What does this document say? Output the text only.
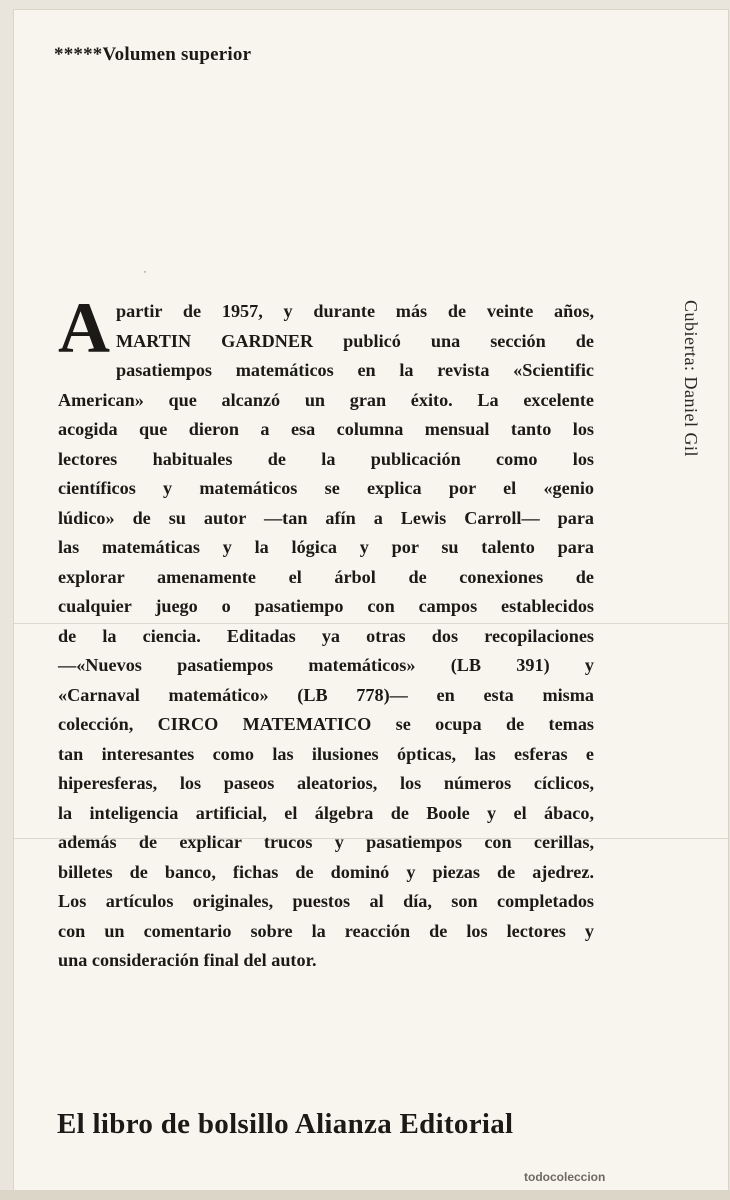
*****Volumen superior
˙
A partir de 1957, y durante más de veinte años,
MARTIN GARDNER publicó una sección de
pasatiempos matemáticos en la revista «Scientific
American» que alcanzó un gran éxito. La excelente
acogida que dieron a esa columna mensual tanto los
lectores habituales de la publicación como los
científicos y matemáticos se explica por el «genio
lúdico» de su autor —tan afín a Lewis Carroll— para
las matemáticas y la lógica y por su talento para
explorar amenamente el árbol de conexiones de
cualquier juego o pasatiempo con campos establecidos
de la ciencia. Editadas ya otras dos recopilaciones
—«Nuevos pasatiempos matemáticos» (LB 391) y
«Carnaval matemático» (LB 778)— en esta misma
colección, CIRCO MATEMATICO se ocupa de temas
tan interesantes como las ilusiones ópticas, las esferas e
hiperesferas, los paseos aleatorios, los números cíclicos,
la inteligencia artificial, el álgebra de Boole y el ábaco,
además de explicar trucos y pasatiempos con cerillas,
billetes de banco, fichas de dominó y piezas de ajedrez.
Los artículos originales, puestos al día, son completados
con un comentario sobre la reacción de los lectores y
una consideración final del autor.
Cubierta: Daniel Gil
El libro de bolsillo Alianza Editorial
todocoleccion
